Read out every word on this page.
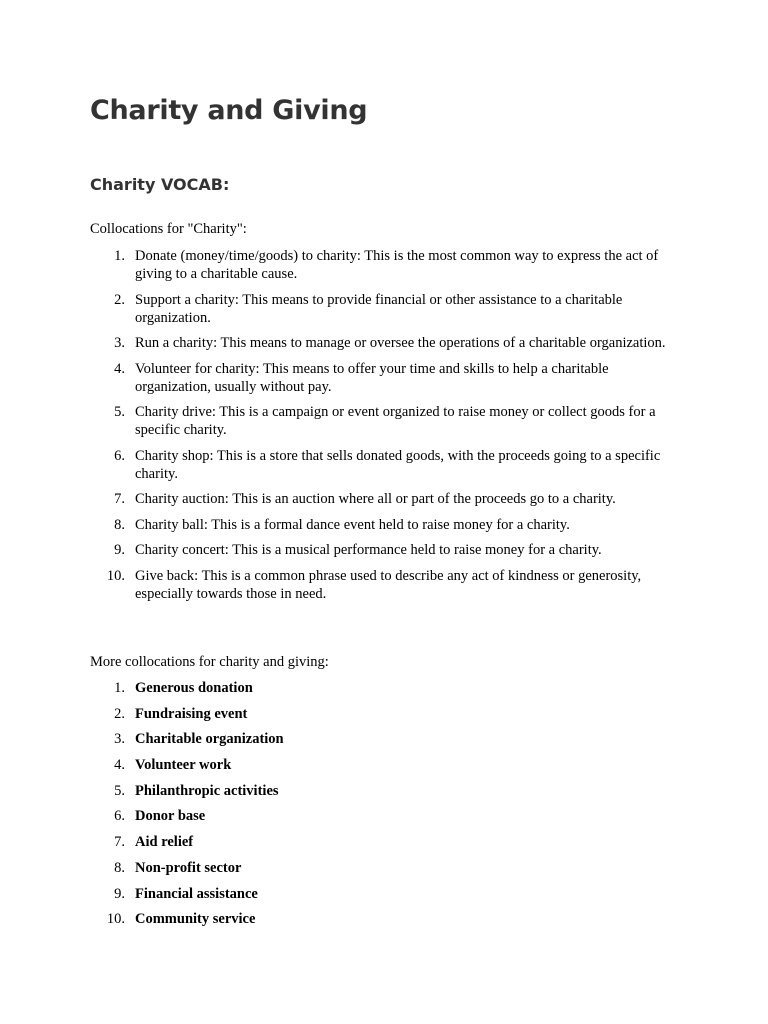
Charity and Giving
Charity VOCAB:

Collocations for "Charity":

1. Donate (money/time/goods) to charity: This is the most common way to express the act of giving to a charitable cause.
2. Support a charity: This means to provide financial or other assistance to a charitable organization.
3. Run a charity: This means to manage or oversee the operations of a charitable organization.
4. Volunteer for charity: This means to offer your time and skills to help a charitable organization, usually without pay.
5. Charity drive: This is a campaign or event organized to raise money or collect goods for a specific charity.
6. Charity shop: This is a store that sells donated goods, with the proceeds going to a specific charity.
7. Charity auction: This is an auction where all or part of the proceeds go to a charity.
8. Charity ball: This is a formal dance event held to raise money for a charity.
9. Charity concert: This is a musical performance held to raise money for a charity.
10. Give back: This is a common phrase used to describe any act of kindness or generosity, especially towards those in need.

More collocations for charity and giving:

1. Generous donation
2. Fundraising event
3. Charitable organization
4. Volunteer work
5. Philanthropic activities
6. Donor base
7. Aid relief
8. Non-profit sector
9. Financial assistance
10. Community service
